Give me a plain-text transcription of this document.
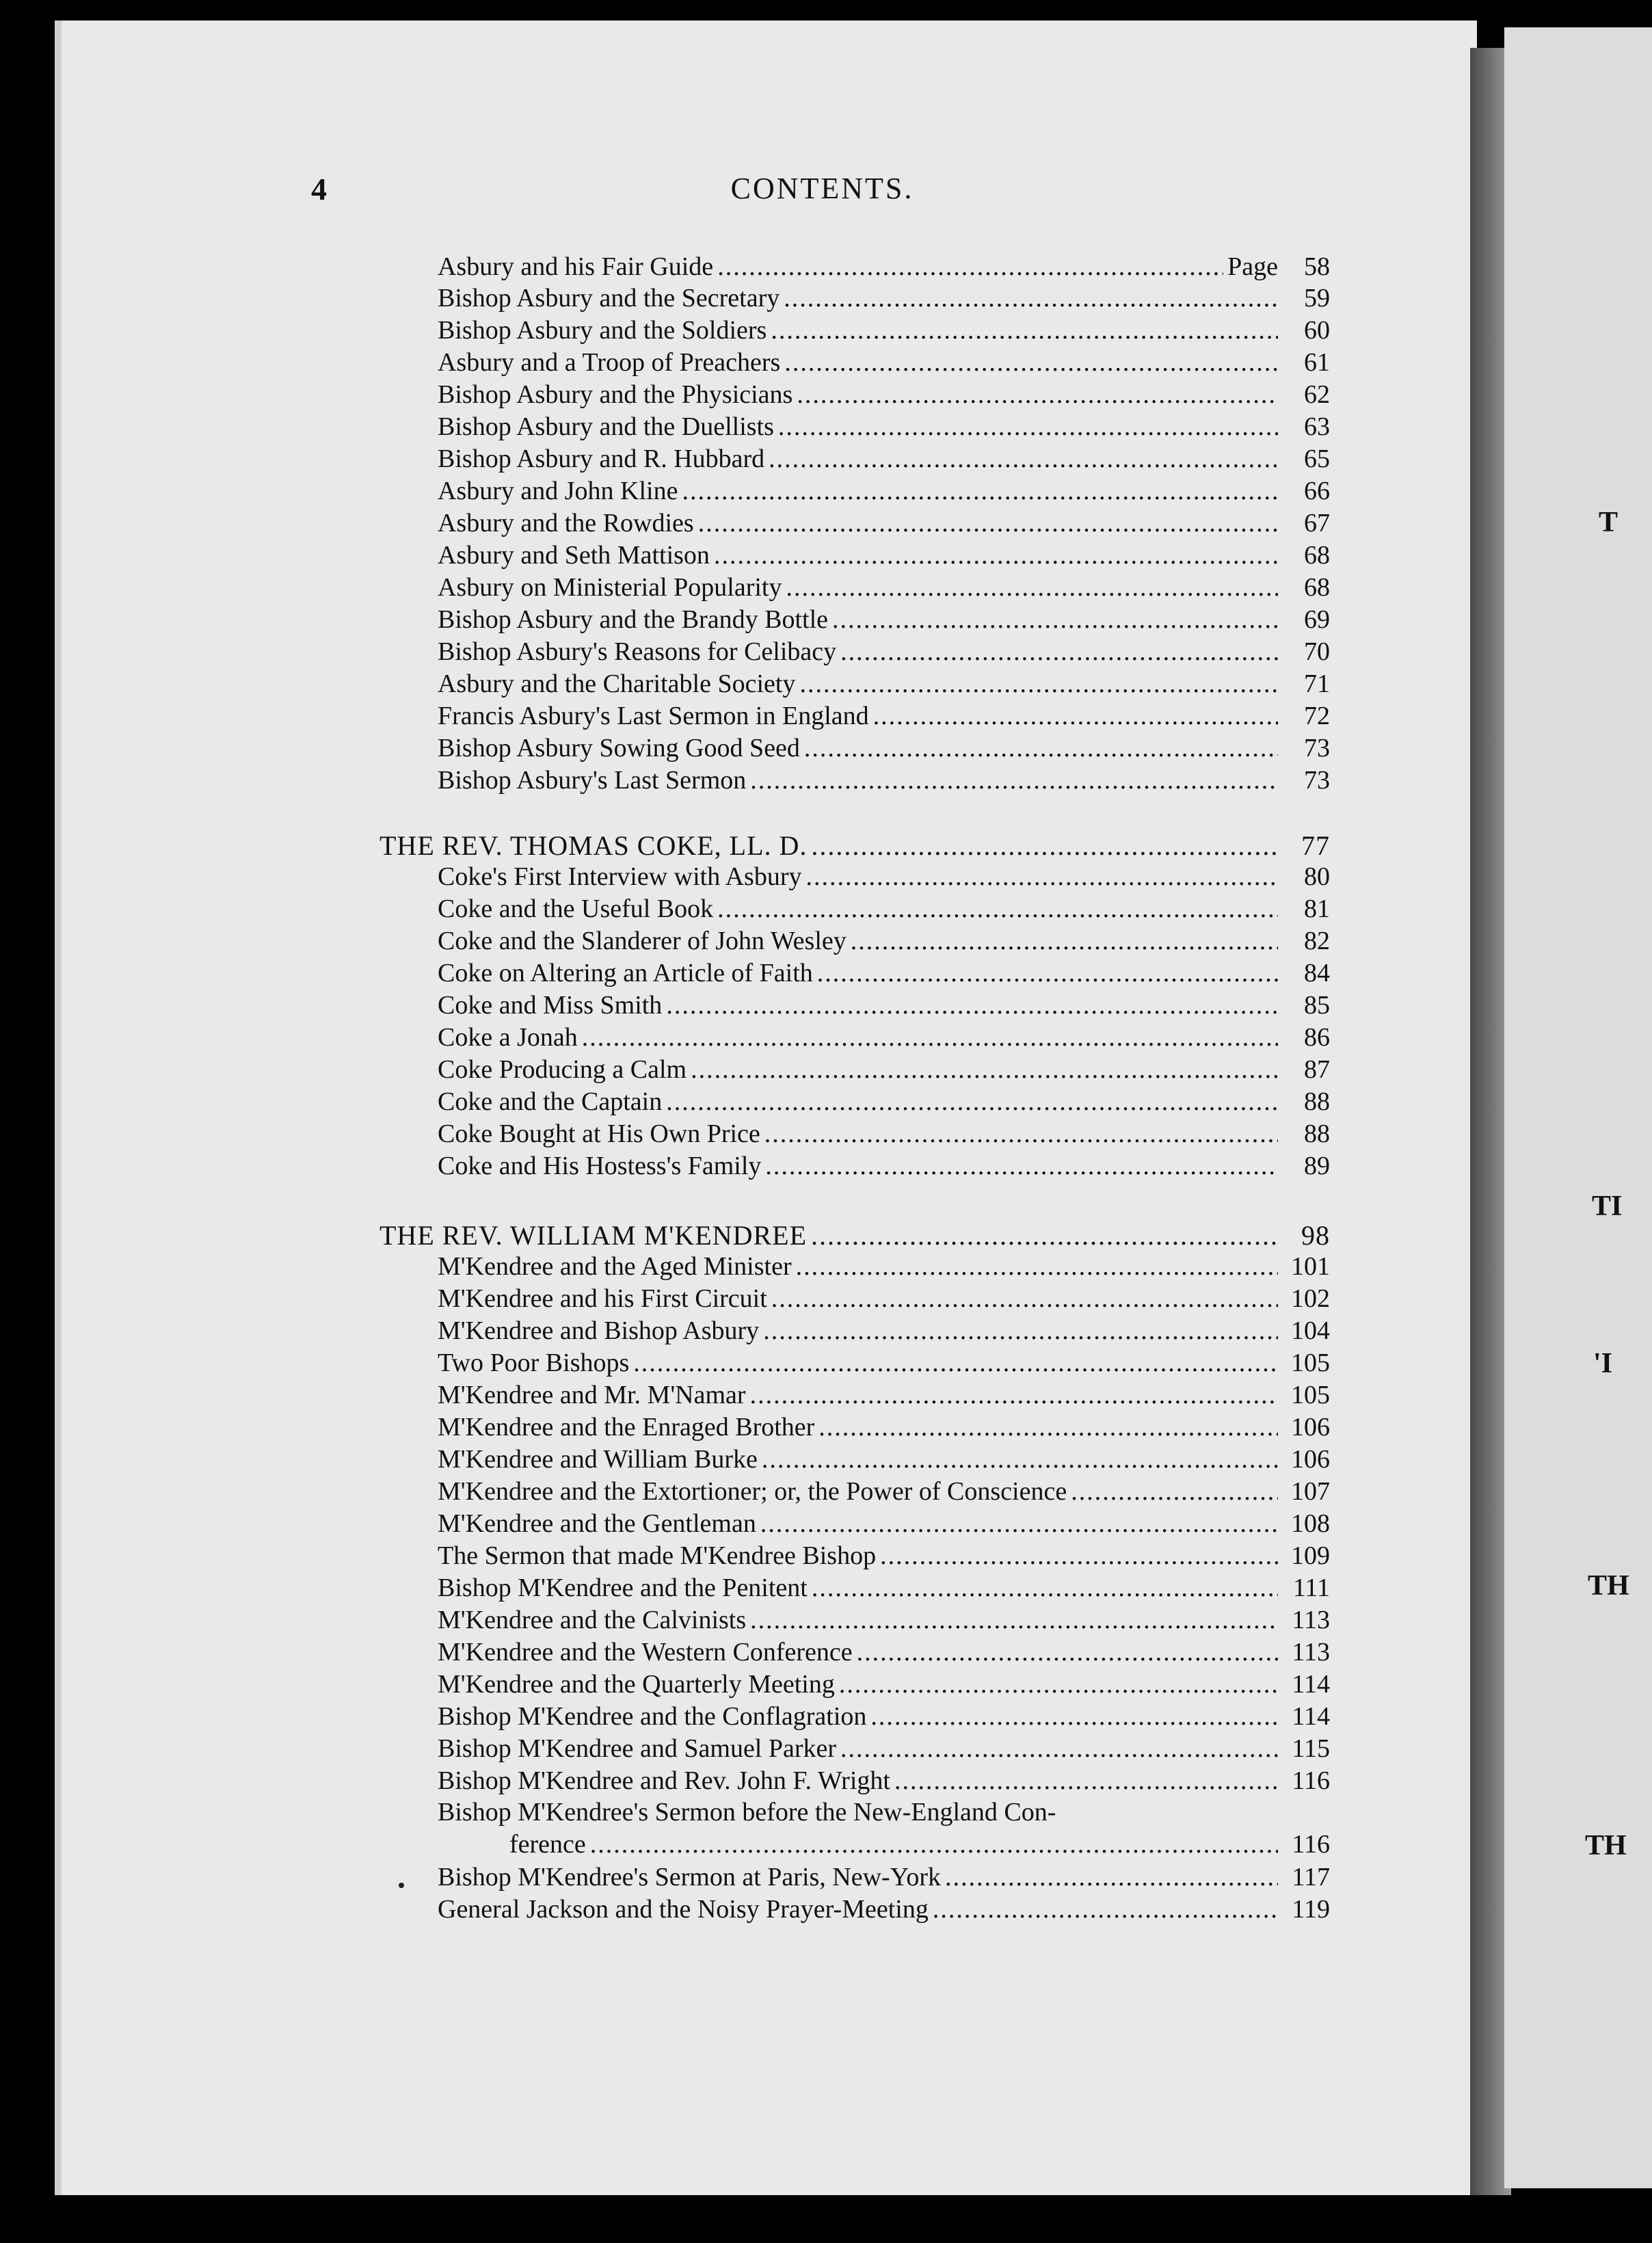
T
TI
'I
TH
TH
4	CONTENTS.
Asbury and his Fair Guide .....	Page	58
Bishop Asbury and the Secretary .....	59
Bishop Asbury and the Soldiers .....	60
Asbury and a Troop of Preachers .....	61
Bishop Asbury and the Physicians .....	62
Bishop Asbury and the Duellists .....	63
Bishop Asbury and R. Hubbard .....	65
Asbury and John Kline .....	66
Asbury and the Rowdies .....	67
Asbury and Seth Mattison .....	68
Asbury on Ministerial Popularity .....	68
Bishop Asbury and the Brandy Bottle .....	69
Bishop Asbury's Reasons for Celibacy .....	70
Asbury and the Charitable Society .....	71
Francis Asbury's Last Sermon in England .....	72
Bishop Asbury Sowing Good Seed .....	73
Bishop Asbury's Last Sermon .....	73
THE REV. THOMAS COKE, LL. D. .....	77
Coke's First Interview with Asbury .....	80
Coke and the Useful Book .....	81
Coke and the Slanderer of John Wesley .....	82
Coke on Altering an Article of Faith .....	84
Coke and Miss Smith .....	85
Coke a Jonah .....	86
Coke Producing a Calm .....	87
Coke and the Captain .....	88
Coke Bought at His Own Price .....	88
Coke and His Hostess's Family .....	89
THE REV. WILLIAM M'KENDREE .....	98
M'Kendree and the Aged Minister .....	101
M'Kendree and his First Circuit .....	102
M'Kendree and Bishop Asbury .....	104
Two Poor Bishops .....	105
M'Kendree and Mr. M'Namar .....	105
M'Kendree and the Enraged Brother .....	106
M'Kendree and William Burke .....	106
M'Kendree and the Extortioner; or, the Power of Conscience .....	107
M'Kendree and the Gentleman .....	108
The Sermon that made M'Kendree Bishop .....	109
Bishop M'Kendree and the Penitent .....	111
M'Kendree and the Calvinists .....	113
M'Kendree and the Western Conference .....	113
M'Kendree and the Quarterly Meeting .....	114
Bishop M'Kendree and the Conflagration .....	114
Bishop M'Kendree and Samuel Parker .....	115
Bishop M'Kendree and Rev. John F. Wright .....	116
Bishop M'Kendree's Sermon before the New-England Con-
ference .....	116
Bishop M'Kendree's Sermon at Paris, New-York .....	117
General Jackson and the Noisy Prayer-Meeting .....	119
